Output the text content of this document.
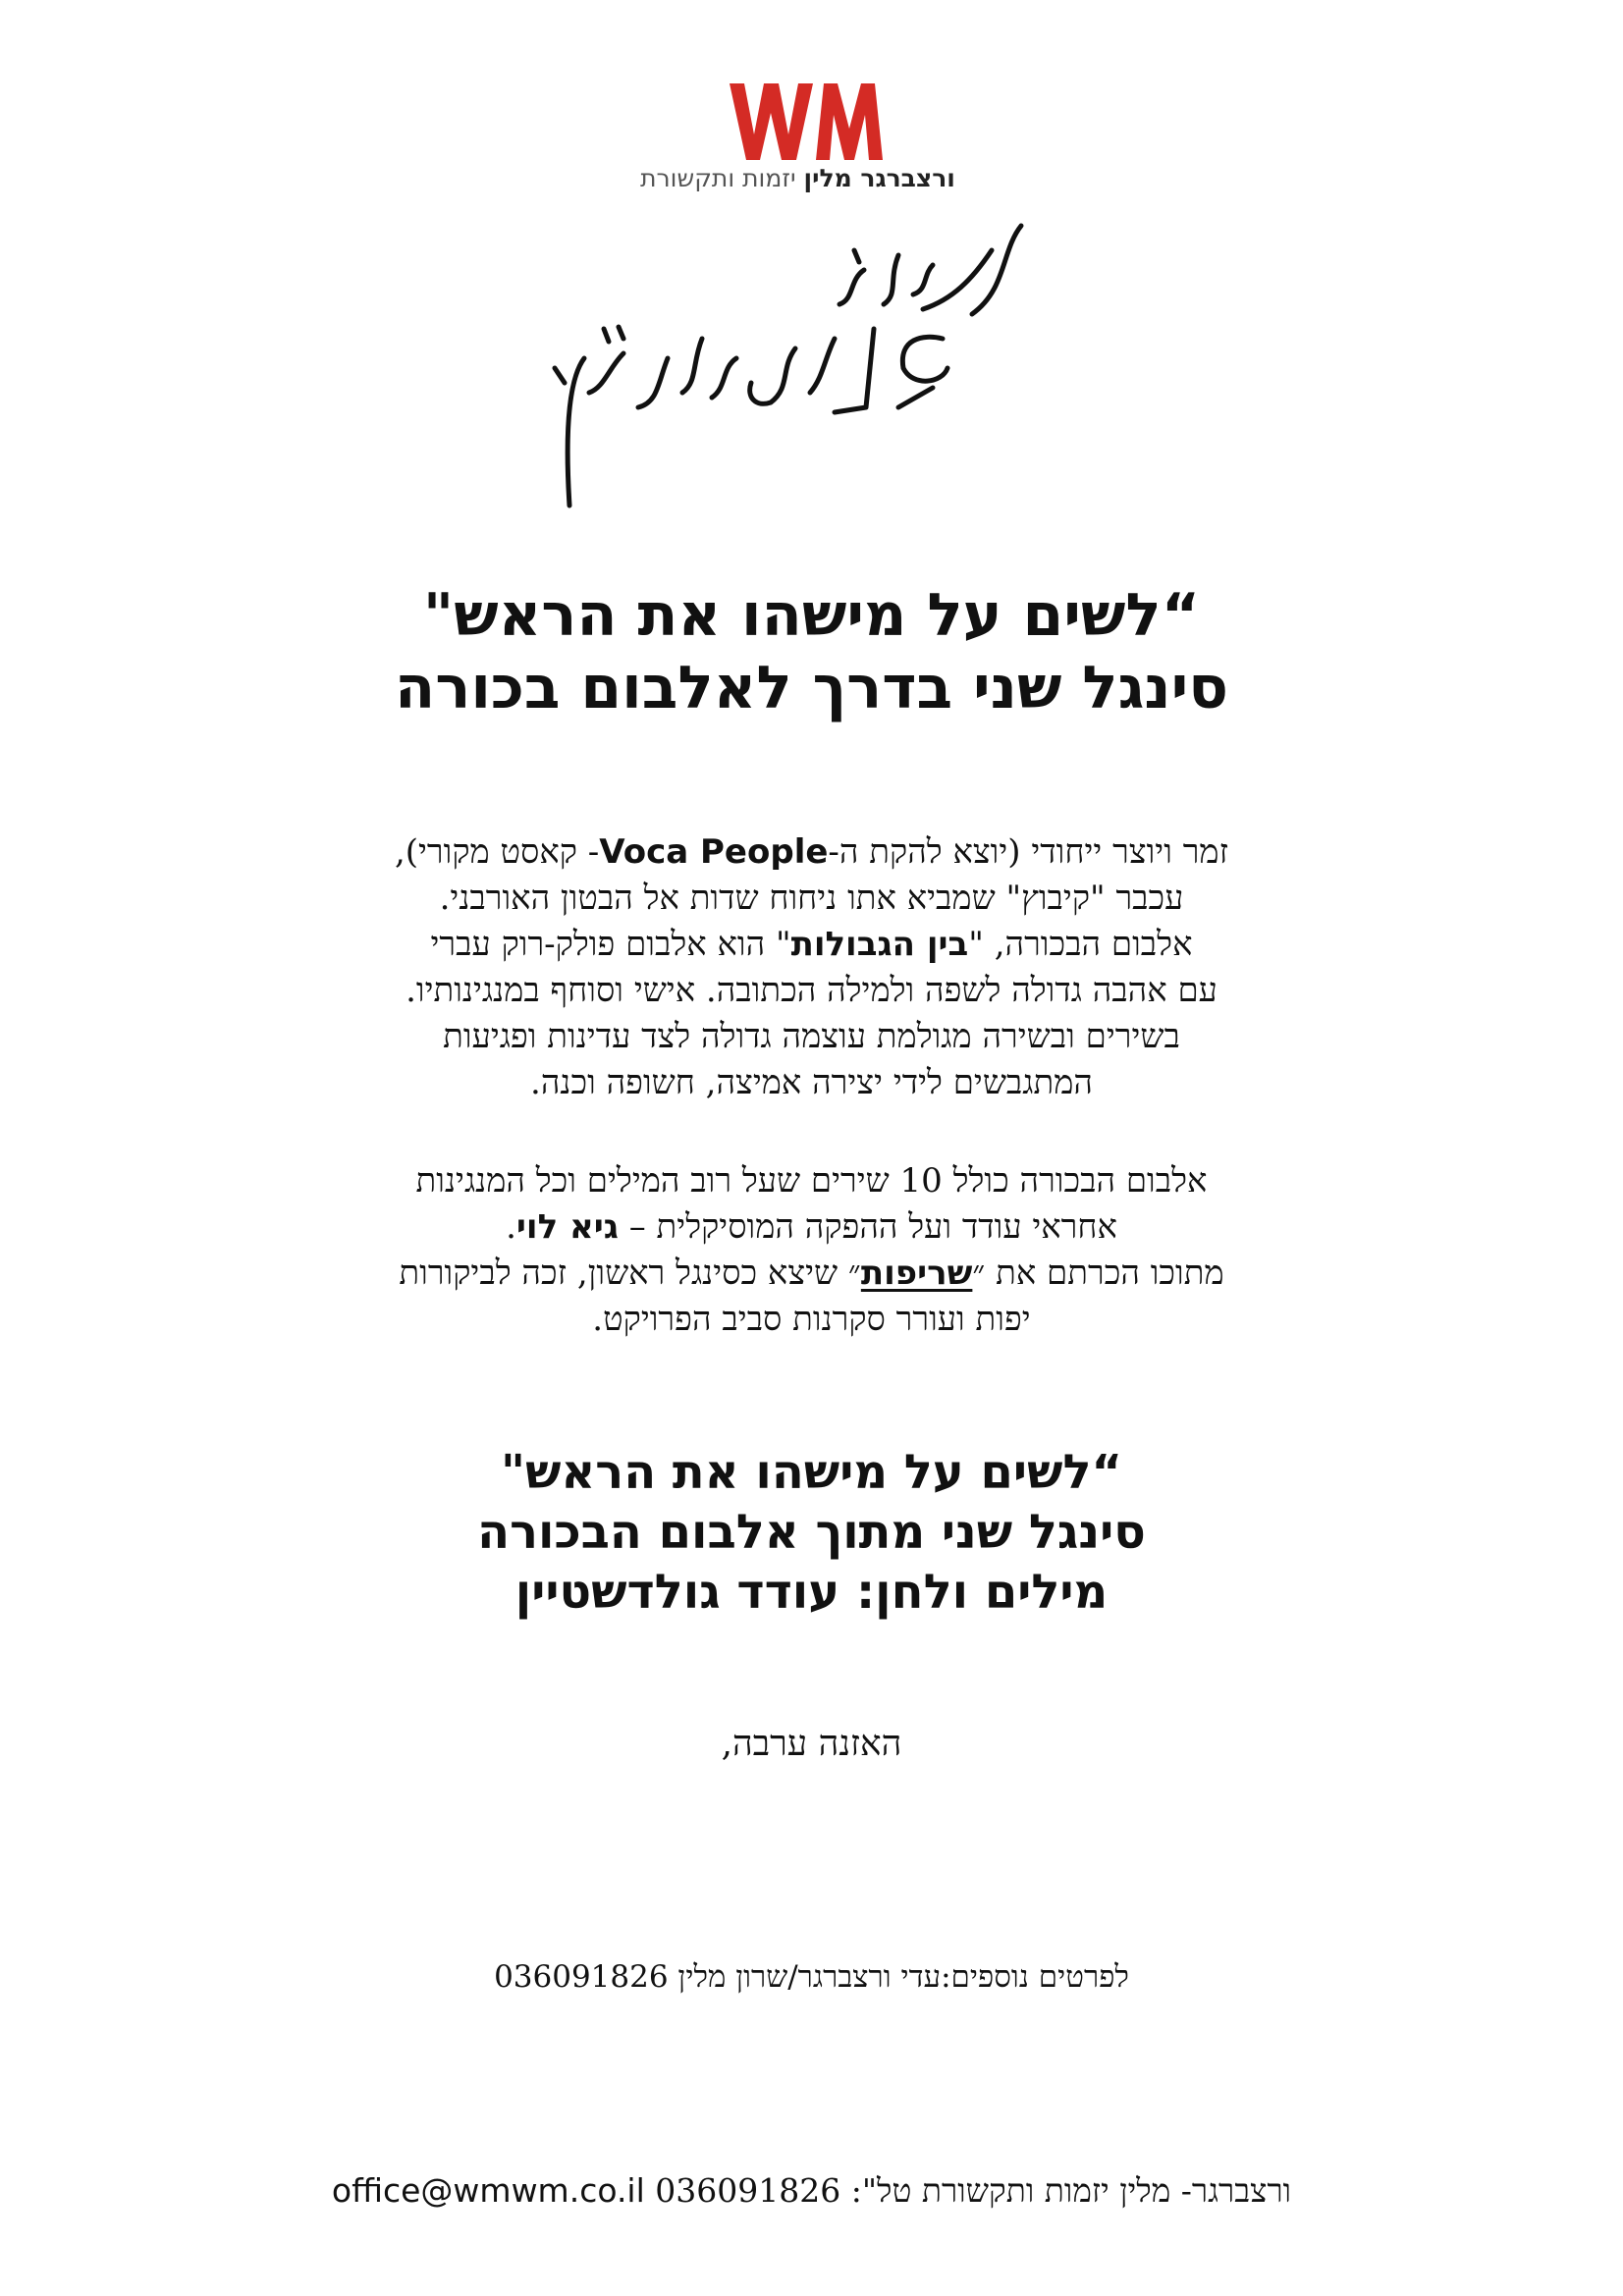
ורצברגר מלין יזמות ותקשורת
“לשים על מישהו את הראש"
סינגל שני בדרך לאלבום בכורה
זמר ויוצר ייחודי (יוצא להקת ה-Voca People- קאסט מקורי),
עכבר "קיבוץ" שמביא אתו ניחוח שדות אל הבטון האורבני.
אלבום הבכורה, "בין הגבולות" הוא אלבום פולק-רוק עברי
עם אהבה גדולה לשפה ולמילה הכתובה. אישי וסוחף במנגינותיו.
בשירים ובשירה מגולמת עוצמה גדולה לצד עדינות ופגיעות
המתגבשים לידי יצירה אמיצה, חשופה וכנה.
אלבום הבכורה כולל 10 שירים שעל רוב המילים וכל המנגינות
אחראי עודד ועל ההפקה המוסיקלית – גיא לוי.
מתוכו הכרתם את ״שריפות״ שיצא כסינגל ראשון, זכה לביקורות
יפות ועורר סקרנות סביב הפרויקט.
“לשים על מישהו את הראש"
סינגל שני מתוך אלבום הבכורה
מילים ולחן: עודד גולדשטיין
האזנה ערבה,
לפרטים נוספים:עדי ורצברגר/שרון מלין 036091826
ורצברגר- מלין יזמות ותקשורת טל": 036091826 office@wmwm.co.il
